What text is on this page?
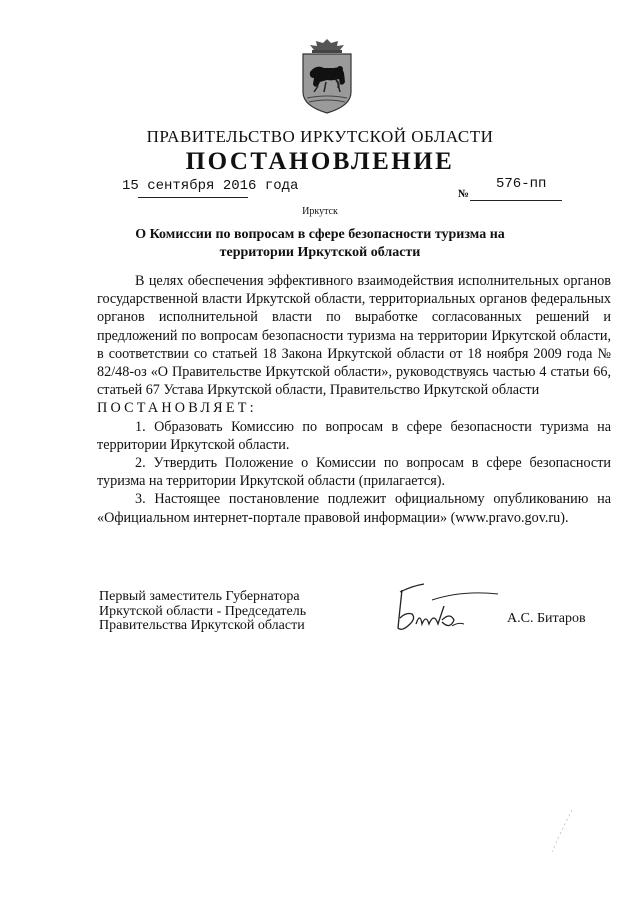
ПРАВИТЕЛЬСТВО ИРКУТСКОЙ ОБЛАСТИ
ПОСТАНОВЛЕНИЕ
15 сентября 2016 года	№
576-пп
Иркутск
О Комиссии по вопросам в сфере безопасности туризма на территории Иркутской области

В целях обеспечения эффективного взаимодействия исполнительных органов государственной власти Иркутской области, территориальных органов федеральных органов исполнительной власти по выработке согласованных решений и предложений по вопросам безопасности туризма на территории Иркутской области, в соответствии со статьей 18 Закона Иркутской области от 18 ноября 2009 года № 82/48-оз «О Правительстве Иркутской области», руководствуясь частью 4 статьи 66, статьей 67 Устава Иркутской области, Правительство Иркутской области

ПОСТАНОВЛЯЕТ:

1. Образовать Комиссию по вопросам в сфере безопасности туризма на территории Иркутской области.

2. Утвердить Положение о Комиссии по вопросам в сфере безопасности туризма на территории Иркутской области (прилагается).

3. Настоящее постановление подлежит официальному опубликованию на «Официальном интернет-портале правовой информации» (www.pravo.gov.ru).

Первый заместитель Губернатора
Иркутской области - Председатель
Правительства Иркутской области	А.С. Битаров
